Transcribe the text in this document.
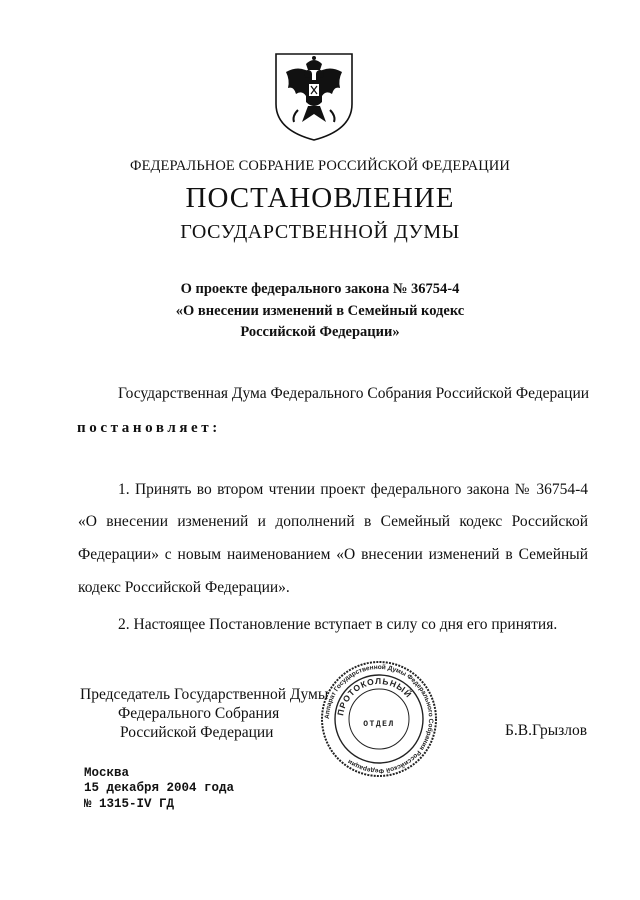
ФЕДЕРАЛЬНОЕ СОБРАНИЕ РОССИЙСКОЙ ФЕДЕРАЦИИ
ПОСТАНОВЛЕНИЕ
ГОСУДАРСТВЕННОЙ ДУМЫ
О проекте федерального закона № 36754-4
«О внесении изменений в Семейный кодекс
Российской Федерации»
Государственная Дума Федерального Собрания Российской Федерации
постановляет:
1. Принять во втором чтении проект федерального закона № 36754-4
«О внесении изменений и дополнений в Семейный кодекс Российской
Федерации» с новым наименованием «О внесении изменений в Семейный
кодекс Российской Федерации».
2. Настоящее Постановление вступает в силу со дня его принятия.
Председатель Государственной Думы
Федерального Собрания
Российской Федерации	Б.В.Грызлов
Аппарат Государственной Думы Федерального Собрания Российской Федерации
ПРОТОКОЛЬНЫЙ
ОТДЕЛ
Москва
15 декабря 2004 года
№ 1315-IV ГД
